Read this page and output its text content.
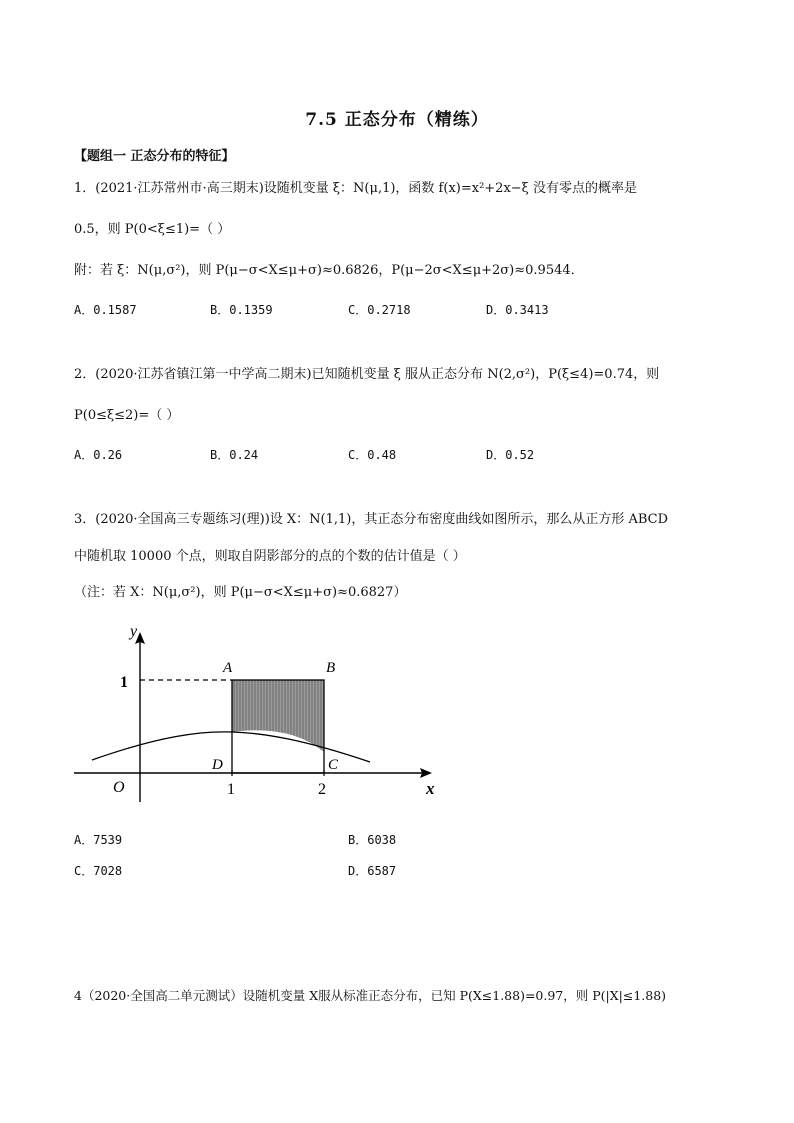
7.5 正态分布（精练）
【题组一 正态分布的特征】
1．(2021·江苏常州市·高三期末)设随机变量 ξ：N(μ,1)，函数 f(x)=x²+2x−ξ 没有零点的概率是
0.5，则 P(0<ξ≤1)=（ ）
附：若 ξ：N(μ,σ²)，则 P(μ−σ<X≤μ+σ)≈0.6826，P(μ−2σ<X≤μ+2σ)≈0.9544．
A．0.1587	B．0.1359	C．0.2718	D．0.3413
2．(2020·江苏省镇江第一中学高二期末)已知随机变量 ξ 服从正态分布 N(2,σ²)，P(ξ≤4)=0.74，则
P(0≤ξ≤2)=（ ）
A．0.26	B．0.24	C．0.48	D．0.52
3．(2020·全国高三专题练习(理))设 X：N(1,1)，其正态分布密度曲线如图所示，那么从正方形 ABCD
中随机取 10000 个点，则取自阴影部分的点的个数的估计值是（ ）
（注：若 X：N(μ,σ²)，则 P(μ−σ<X≤μ+σ)≈0.6827）
y
x
O
1
1	2
A	B
C
D
A．7539	B．6038
C．7028	D．6587
4（2020·全国高二单元测试）设随机变量 X服从标准正态分布，已知 P(X≤1.88)=0.97，则 P(|X|≤1.88)
